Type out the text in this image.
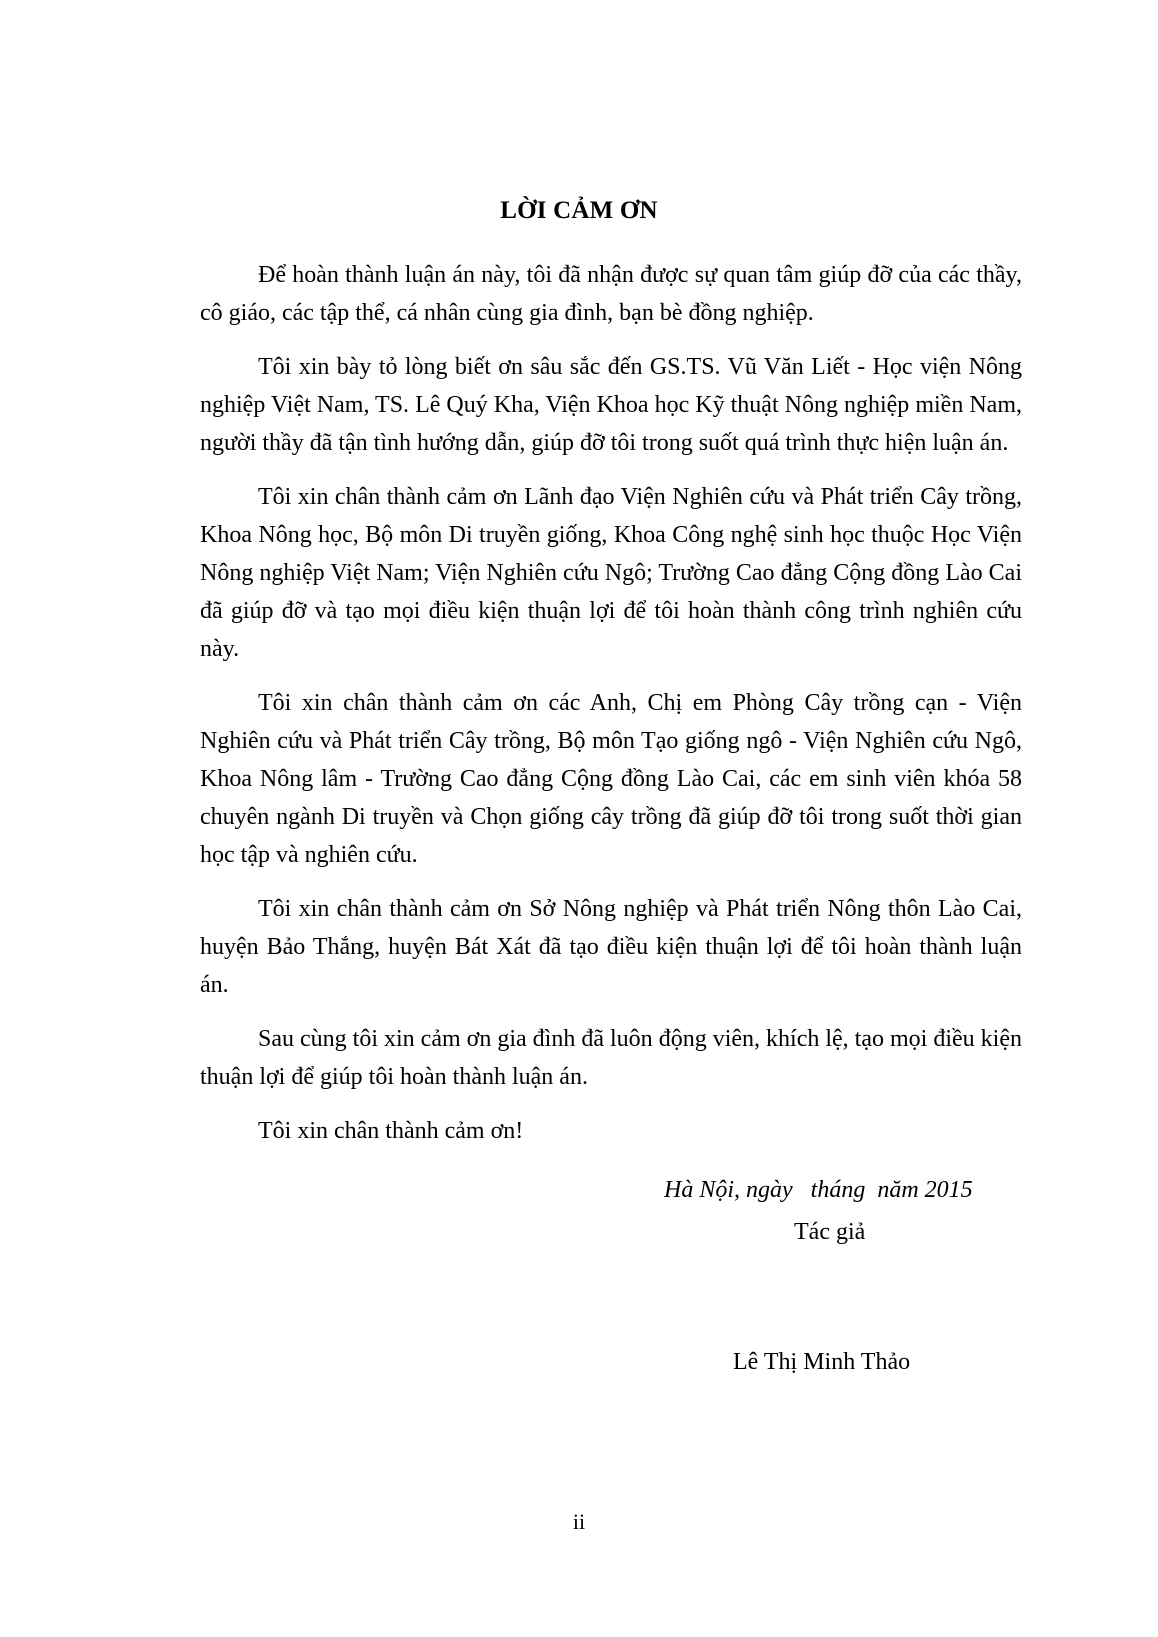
LỜI CẢM ƠN

Để hoàn thành luận án này, tôi đã nhận được sự quan tâm giúp đỡ của các thầy, cô giáo, các tập thể, cá nhân cùng gia đình, bạn bè đồng nghiệp.

Tôi xin bày tỏ lòng biết ơn sâu sắc đến GS.TS. Vũ Văn Liết - Học viện Nông nghiệp Việt Nam, TS. Lê Quý Kha, Viện Khoa học Kỹ thuật Nông nghiệp miền Nam, người thầy đã tận tình hướng dẫn, giúp đỡ tôi trong suốt quá trình thực hiện luận án.

Tôi xin chân thành cảm ơn Lãnh đạo Viện Nghiên cứu và Phát triển Cây trồng, Khoa Nông học, Bộ môn Di truyền giống, Khoa Công nghệ sinh học thuộc Học Viện Nông nghiệp Việt Nam; Viện Nghiên cứu Ngô; Trường Cao đẳng Cộng đồng Lào Cai đã giúp đỡ và tạo mọi điều kiện thuận lợi để tôi hoàn thành công trình nghiên cứu này.

Tôi xin chân thành cảm ơn các Anh, Chị em Phòng Cây trồng cạn - Viện Nghiên cứu và Phát triển Cây trồng, Bộ môn Tạo giống ngô - Viện Nghiên cứu Ngô, Khoa Nông lâm - Trường Cao đẳng Cộng đồng Lào Cai, các em sinh viên khóa 58 chuyên ngành Di truyền và Chọn giống cây trồng đã giúp đỡ tôi trong suốt thời gian học tập và nghiên cứu.

Tôi xin chân thành cảm ơn Sở Nông nghiệp và Phát triển Nông thôn Lào Cai, huyện Bảo Thắng, huyện Bát Xát đã tạo điều kiện thuận lợi để tôi hoàn thành luận án.

Sau cùng tôi xin cảm ơn gia đình đã luôn động viên, khích lệ, tạo mọi điều kiện thuận lợi để giúp tôi hoàn thành luận án.

Tôi xin chân thành cảm ơn!

Hà Nội, ngày   tháng  năm 2015
Tác giả
Lê Thị Minh Thảo
ii
